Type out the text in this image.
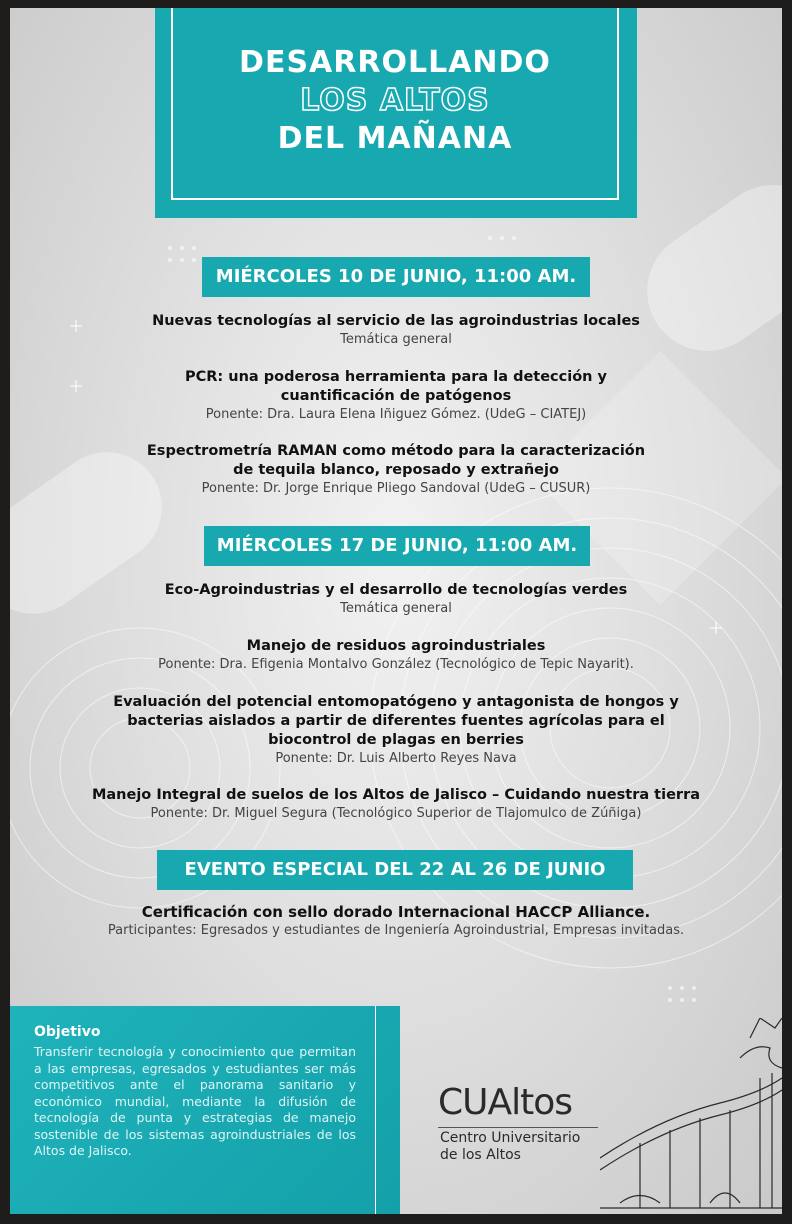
DESARROLLANDO
LOS ALTOS
DEL MAÑANA
MIÉRCOLES 10 DE JUNIO, 11:00 AM.
Nuevas tecnologías al servicio de las agroindustrias locales
Temática general
PCR: una poderosa herramienta para la detección y
cuantificación de patógenos
Ponente: Dra. Laura Elena Iñiguez Gómez. (UdeG – CIATEJ)
Espectrometría RAMAN como método para la caracterización
de tequila blanco, reposado y extrañejo
Ponente: Dr. Jorge Enrique Pliego Sandoval (UdeG – CUSUR)
MIÉRCOLES 17 DE JUNIO, 11:00 AM.
Eco-Agroindustrias y el desarrollo de tecnologías verdes
Temática general
Manejo de residuos agroindustriales
Ponente: Dra. Efigenia Montalvo González (Tecnológico de Tepic Nayarit).
Evaluación del potencial entomopatógeno y antagonista de hongos y
bacterias aislados a partir de diferentes fuentes agrícolas para el
biocontrol de plagas en berries
Ponente: Dr. Luis Alberto Reyes Nava
Manejo Integral de suelos de los Altos de Jalisco – Cuidando nuestra tierra
Ponente: Dr. Miguel Segura (Tecnológico Superior de Tlajomulco de Zúñiga)
EVENTO ESPECIAL DEL 22 AL 26 DE JUNIO
Certificación con sello dorado Internacional HACCP Alliance.
Participantes: Egresados y estudiantes de Ingeniería Agroindustrial, Empresas invitadas.
Objetivo
Transferir tecnología y conocimiento que permitan a las empresas, egresados y estudiantes ser más competitivos ante el panorama sanitario y económico mundial, mediante la difusión de tecnología de punta y estrategias de manejo sostenible de los sistemas agroindustriales de los Altos de Jalisco.
CUAltos
Centro Universitario
de los Altos
